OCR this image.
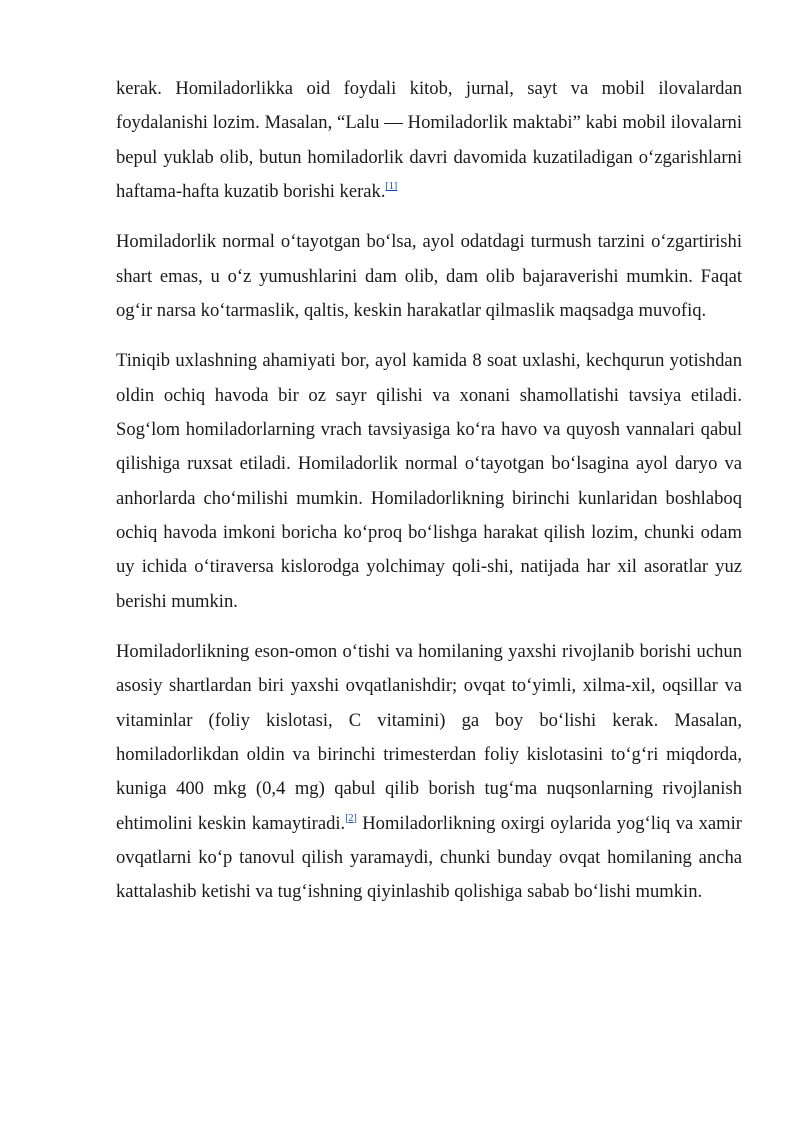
kerak. Homiladorlikka oid foydali kitob, jurnal, sayt va mobil ilovalardan foydalanishi lozim. Masalan, “Lalu — Homiladorlik maktabi” kabi mobil ilovalarni bepul yuklab olib, butun homiladorlik davri davomida kuzatiladigan o‘zgarishlarni haftama-hafta kuzatib borishi kerak.[1]

Homiladorlik normal o‘tayotgan bo‘lsa, ayol odatdagi turmush tarzini o‘zgartirishi shart emas, u o‘z yumushlarini dam olib, dam olib bajaraverishi mumkin. Faqat og‘ir narsa ko‘tarmaslik, qaltis, keskin harakatlar qilmaslik maqsadga muvofiq.

Tiniqib uxlashning ahamiyati bor, ayol kamida 8 soat uxlashi, kechqurun yotishdan oldin ochiq havoda bir oz sayr qilishi va xonani shamollatishi tavsiya etiladi. Sog‘lom homiladorlarning vrach tavsiyasiga ko‘ra havo va quyosh vannalari qabul qilishiga ruxsat etiladi. Homiladorlik normal o‘tayotgan bo‘lsagina ayol daryo va anhorlarda cho‘milishi mumkin. Homiladorlikning birinchi kunlaridan boshlaboq ochiq havoda imkoni boricha ko‘proq bo‘lishga harakat qilish lozim, chunki odam uy ichida o‘tiraversa kislorodga yolchimay qoli-shi, natijada har xil asoratlar yuz berishi mumkin.

Homiladorlikning eson-omon o‘tishi va homilaning yaxshi rivojlanib borishi uchun asosiy shartlardan biri yaxshi ovqatlanishdir; ovqat to‘yimli, xilma-xil, oqsillar va vitaminlar (foliy kislotasi, C vitamini) ga boy bo‘lishi kerak. Masalan, homiladorlikdan oldin va birinchi trimesterdan foliy kislotasini to‘g‘ri miqdorda, kuniga 400 mkg (0,4 mg) qabul qilib borish tug‘ma nuqsonlarning rivojlanish ehtimolini keskin kamaytiradi.[2] Homiladorlikning oxirgi oylarida yog‘liq va xamir ovqatlarni ko‘p tanovul qilish yaramaydi, chunki bunday ovqat homilaning ancha kattalashib ketishi va tug‘ishning qiyinlashib qolishiga sabab bo‘lishi mumkin.
